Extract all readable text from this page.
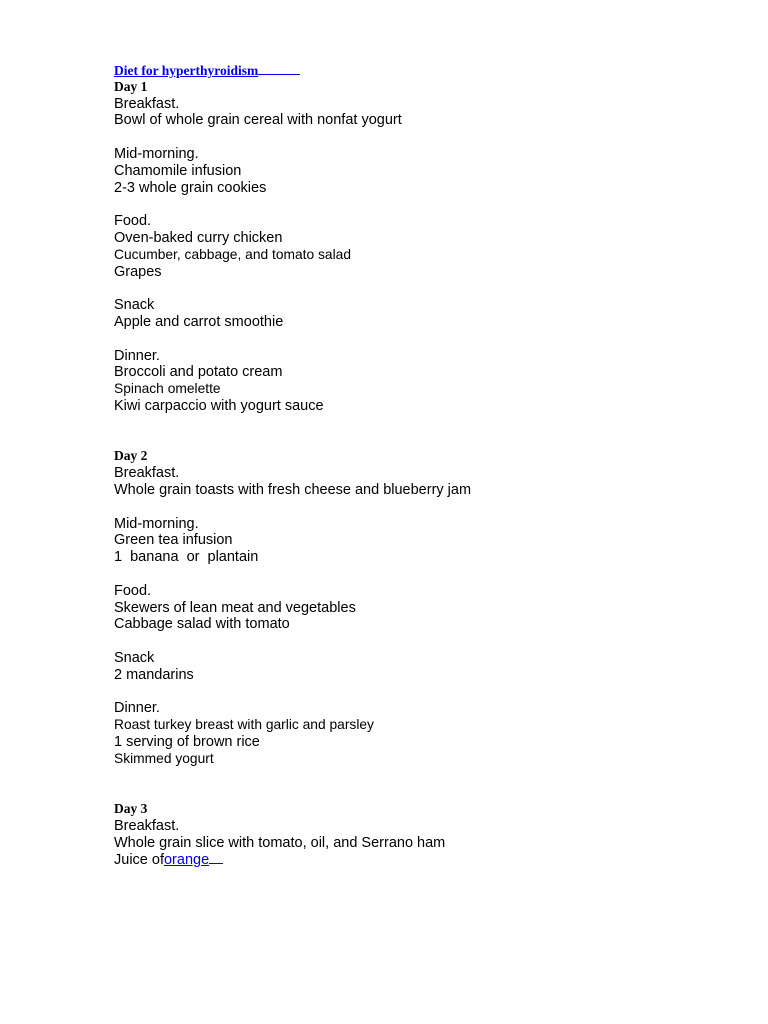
Diet for hyperthyroidism
Day 1
Breakfast.
Bowl of whole grain cereal with nonfat yogurt
Mid-morning.
Chamomile infusion
2-3 whole grain cookies
Food.
Oven-baked curry chicken
Cucumber, cabbage, and tomato salad
Grapes
Snack
Apple and carrot smoothie
Dinner.
Broccoli and potato cream
Spinach omelette
Kiwi carpaccio with yogurt sauce
Day 2
Breakfast.
Whole grain toasts with fresh cheese and blueberry jam
Mid-morning.
Green tea infusion
1  banana  or  plantain
Food.
Skewers of lean meat and vegetables
Cabbage salad with tomato
Snack
2 mandarins
Dinner.
Roast turkey breast with garlic and parsley
1 serving of brown rice
Skimmed yogurt
Day 3
Breakfast.
Whole grain slice with tomato, oil, and Serrano ham
Juice oforange
